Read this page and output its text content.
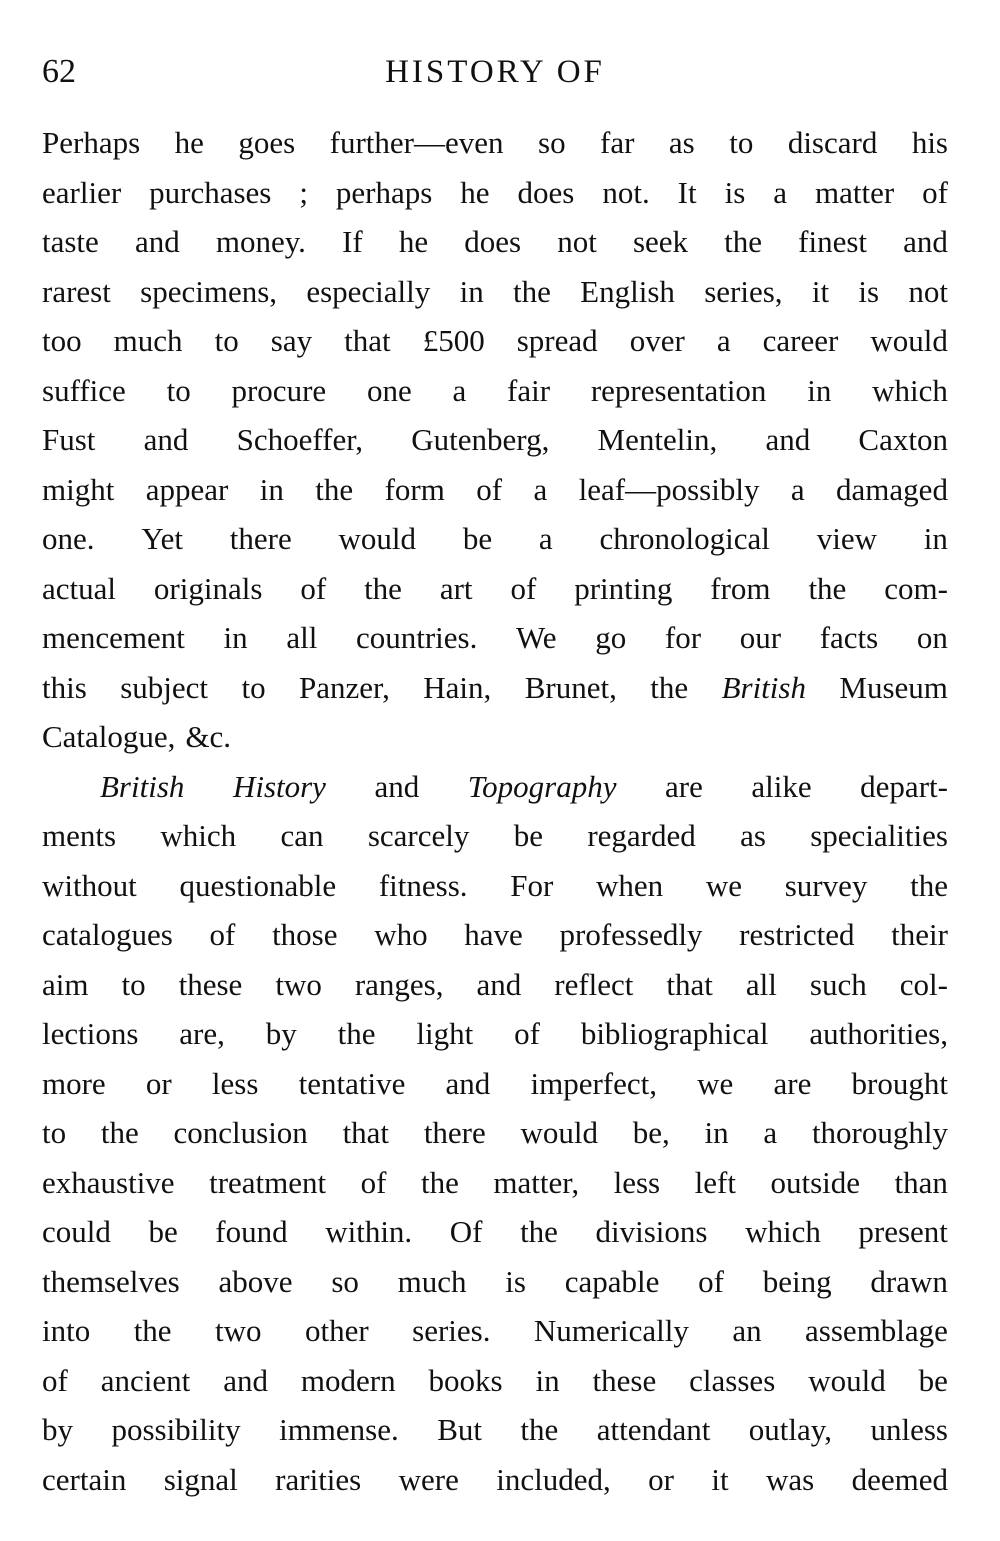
62	HISTORY OF
Perhaps he goes further—even so far as to discard his
earlier purchases ; perhaps he does not. It is a matter of
taste and money. If he does not seek the finest and
rarest specimens, especially in the English series, it is not
too much to say that £500 spread over a career would
suffice to procure one a fair representation in which
Fust and Schoeffer, Gutenberg, Mentelin, and Caxton
might appear in the form of a leaf—possibly a damaged
one. Yet there would be a chronological view in
actual originals of the art of printing from the com-
mencement in all countries. We go for our facts on
this subject to Panzer, Hain, Brunet, the British Museum
Catalogue, &c.
British History and Topography are alike depart-
ments which can scarcely be regarded as specialities
without questionable fitness. For when we survey the
catalogues of those who have professedly restricted their
aim to these two ranges, and reflect that all such col-
lections are, by the light of bibliographical authorities,
more or less tentative and imperfect, we are brought
to the conclusion that there would be, in a thoroughly
exhaustive treatment of the matter, less left outside than
could be found within. Of the divisions which present
themselves above so much is capable of being drawn
into the two other series. Numerically an assemblage
of ancient and modern books in these classes would be
by possibility immense. But the attendant outlay, unless
certain signal rarities were included, or it was deemed
